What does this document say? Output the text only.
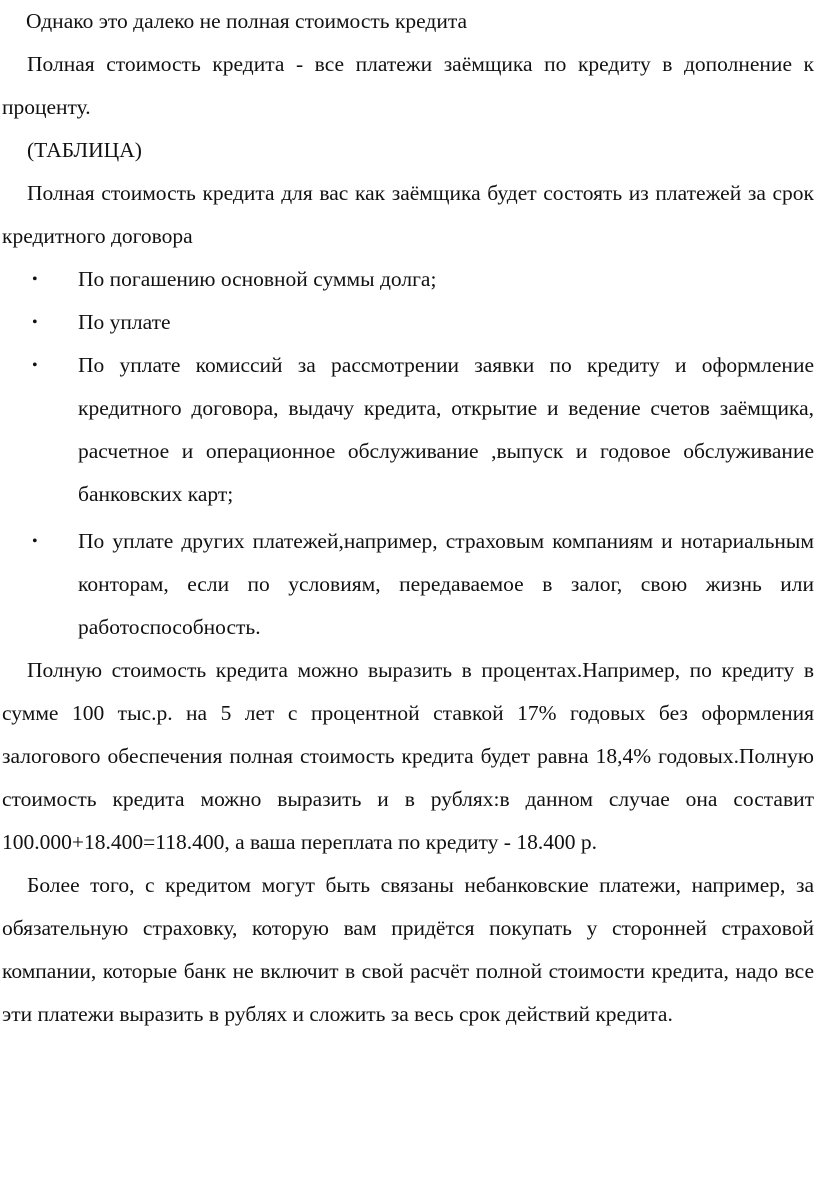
Однако это далеко не полная стоимость кредита

Полная стоимость кредита - все платежи заёмщика по кредиту в дополнение к проценту.

(ТАБЛИЦА)

Полная стоимость кредита для вас как заёмщика будет состоять из платежей за срок кредитного договора

• По погашению основной суммы долга;
• По уплате
• По уплате комиссий за рассмотрении заявки по кредиту и оформление кредитного договора, выдачу кредита, открытие и ведение счетов заёмщика, расчетное и операционное обслуживание ,выпуск и годовое обслуживание банковских карт;
• По уплате других платежей,например, страховым компаниям и нотариальным конторам, если по условиям, передаваемое в залог, свою жизнь или работоспособность.

Полную стоимость кредита можно выразить в процентах.Например, по кредиту в сумме 100 тыс.р. на 5 лет с процентной ставкой 17% годовых без оформления залогового обеспечения полная стоимость кредита будет равна 18,4% годовых.Полную стоимость кредита можно выразить и в рублях:в данном случае она составит 100.000+18.400=118.400, а ваша переплата по кредиту - 18.400 р.

Более того, с кредитом могут быть связаны небанковские платежи, например, за обязательную страховку, которую вам придётся покупать у сторонней страховой компании, которые банк не включит в свой расчёт полной стоимости кредита, надо все эти платежи выразить в рублях и сложить за весь срок действий кредита.
